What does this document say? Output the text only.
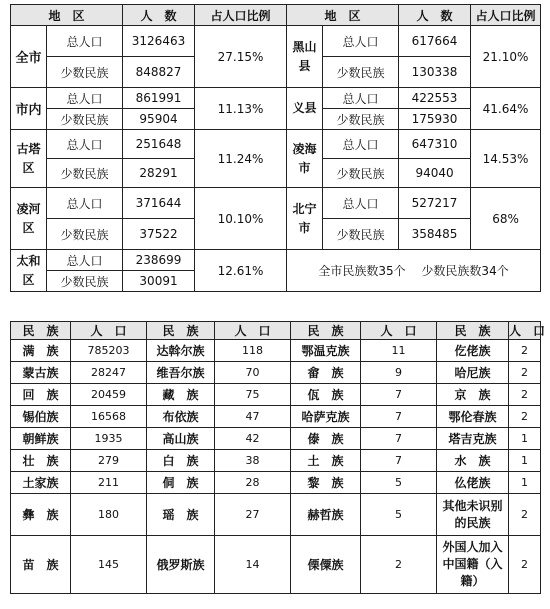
地　区		人　数	占人口比例	地　区		人　数	占人口比例
全市	总人口	3126463	27.15%	黑山县	总人口	617664	21.10%
	少数民族	848827			少数民族	130338	
市内	总人口	861991	11.13%	义县	总人口	422553	41.64%
	少数民族	95904			少数民族	175930	
古塔区	总人口	251648	11.24%	凌海市	总人口	647310	14.53%
	少数民族	28291			少数民族	94040	
凌河区	总人口	371644	10.10%	北宁市	总人口	527217	68%
	少数民族	37522			少数民族	358485	
太和区	总人口	238699	12.61%	全市民族数35个　 少数民族数34个			
	少数民族	30091					
民　族	人　口	民　族	人　口	民　族	人　口	民　族	人　口
满　族	785203	达斡尔族	118	鄂温克族	11	仡佬族	2
蒙古族	28247	维吾尔族	70	畲　族	9	哈尼族	2
回　族	20459	藏　族	75	佤　族	7	京　族	2
锡伯族	16568	布依族	47	哈萨克族	7	鄂伦春族	2
朝鲜族	1935	高山族	42	傣　族	7	塔吉克族	1
壮　族	279	白　族	38	土　族	7	水　族	1
土家族	211	侗　族	28	黎　族	5	仫佬族	1
彝　族	180	瑶　族	27	赫哲族	5	其他未识别的民族	2
苗　族	145	俄罗斯族	14	傈僳族	2	外国人加入中国籍（入籍）	2
